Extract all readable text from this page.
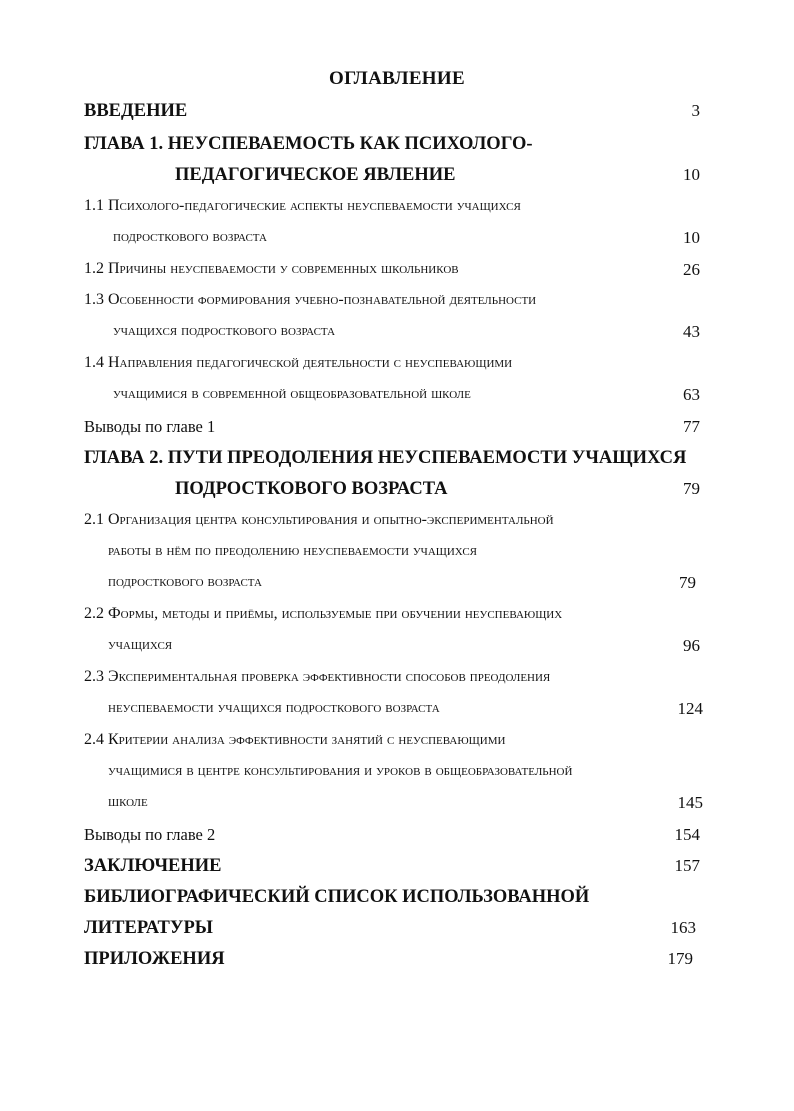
ОГЛАВЛЕНИЕ
ВВЕДЕНИЕ	3
ГЛАВА 1. НЕУСПЕВАЕМОСТЬ КАК ПСИХОЛОГО-
ПЕДАГОГИЧЕСКОЕ ЯВЛЕНИЕ	10
1.1 Психолого-педагогические аспекты неуспеваемости учащихся
подросткового возраста	10
1.2 Причины неуспеваемости у современных школьников	26
1.3 Особенности формирования учебно-познавательной деятельности
учащихся подросткового возраста	43
1.4 Направления педагогической деятельности с неуспевающими
учащимися в современной общеобразовательной школе	63
Выводы по главе 1	77
ГЛАВА 2. ПУТИ ПРЕОДОЛЕНИЯ НЕУСПЕВАЕМОСТИ УЧАЩИХСЯ
ПОДРОСТКОВОГО ВОЗРАСТА	79
2.1 Организация центра консультирования и опытно-экспериментальной
работы в нём по преодолению неуспеваемости учащихся
подросткового возраста	79
2.2 Формы, методы и приёмы, используемые при обучении неуспевающих
учащихся	96
2.3 Экспериментальная проверка эффективности способов преодоления
неуспеваемости учащихся подросткового возраста	124
2.4 Критерии анализа эффективности занятий с неуспевающими
учащимися в центре консультирования и уроков в общеобразовательной
школе	145
Выводы по главе 2	154
ЗАКЛЮЧЕНИЕ	157
БИБЛИОГРАФИЧЕСКИЙ СПИСОК ИСПОЛЬЗОВАННОЙ
ЛИТЕРАТУРЫ	163
ПРИЛОЖЕНИЯ	179
